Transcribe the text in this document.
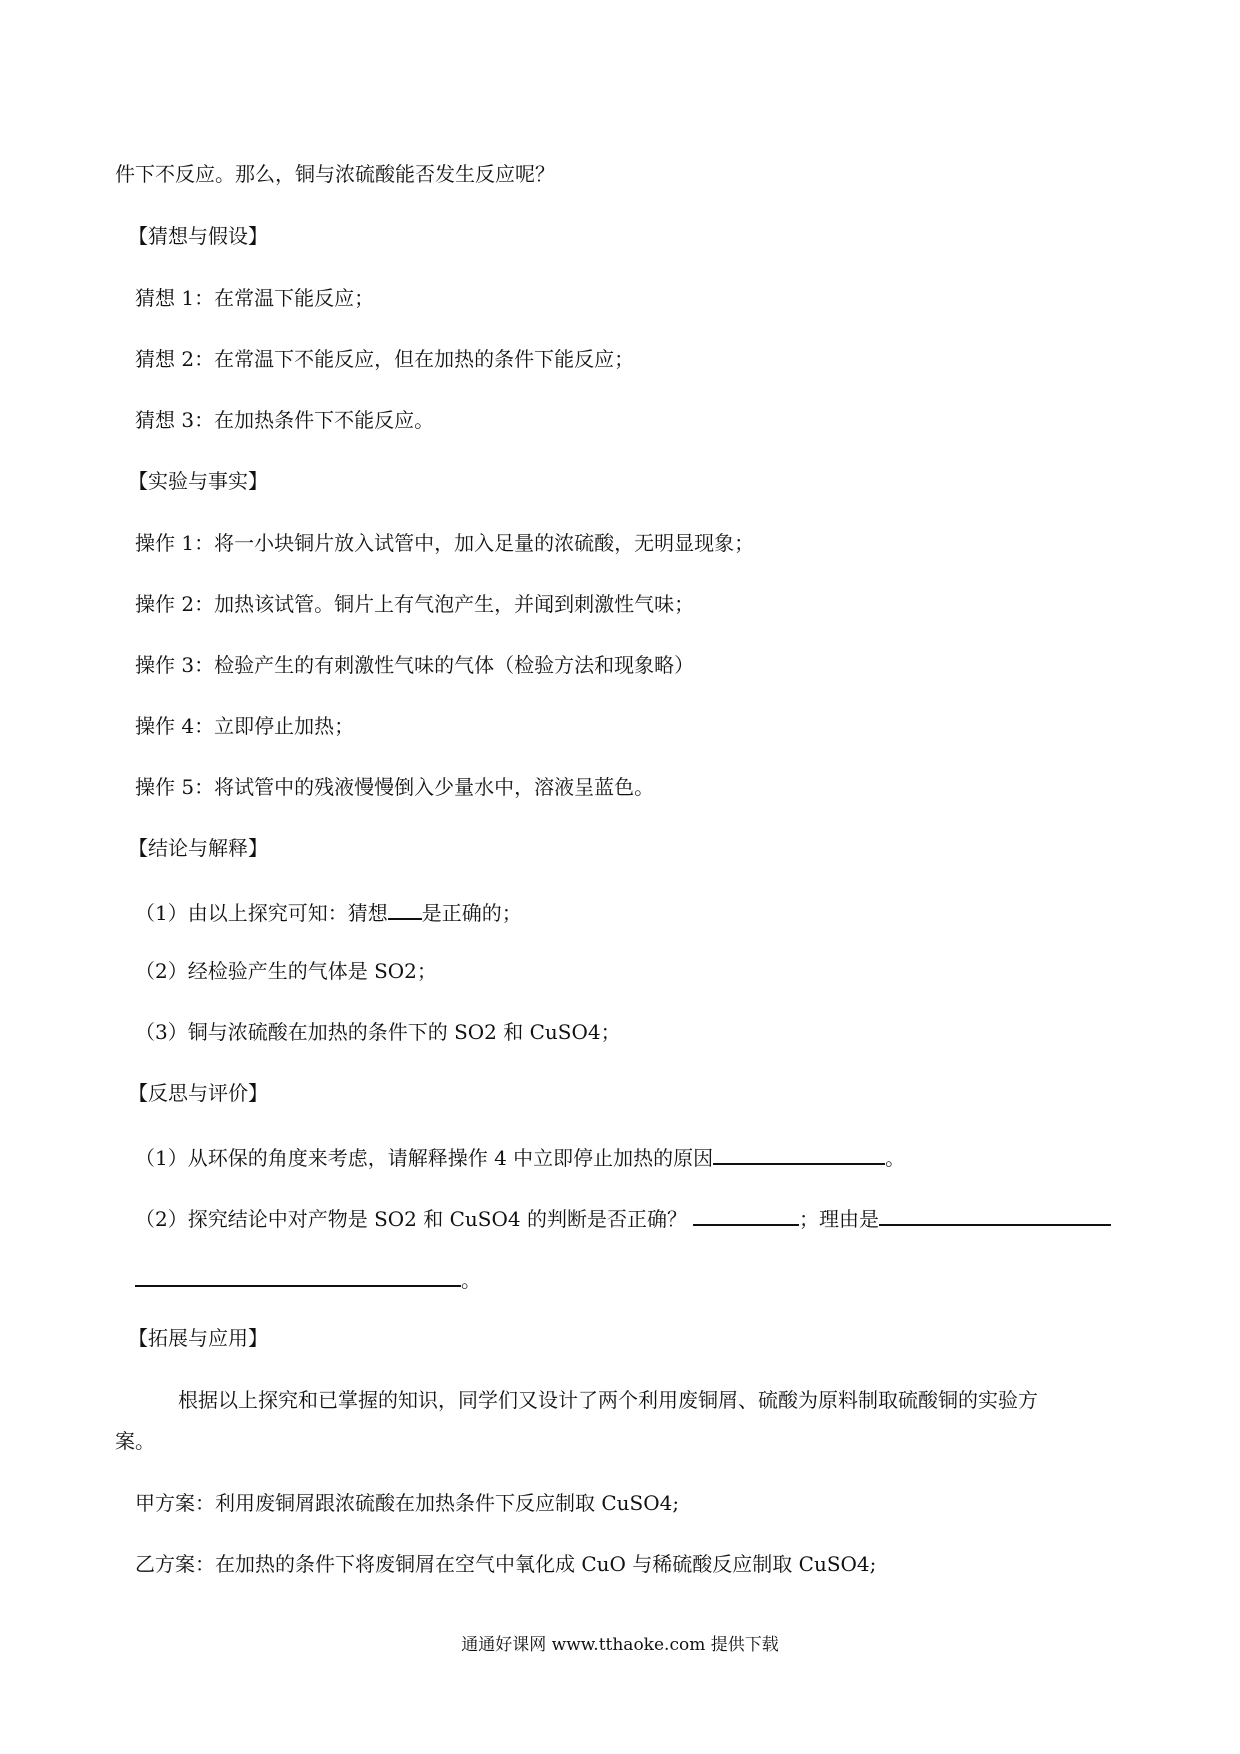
件下不反应。那么，铜与浓硫酸能否发生反应呢？
【猜想与假设】
猜想 1：在常温下能反应；
猜想 2：在常温下不能反应，但在加热的条件下能反应；
猜想 3：在加热条件下不能反应。
【实验与事实】
操作 1：将一小块铜片放入试管中，加入足量的浓硫酸，无明显现象；
操作 2：加热该试管。铜片上有气泡产生，并闻到刺激性气味；
操作 3：检验产生的有刺激性气味的气体（检验方法和现象略）
操作 4：立即停止加热；
操作 5：将试管中的残液慢慢倒入少量水中，溶液呈蓝色。
【结论与解释】
（1）由以上探究可知：猜想 是正确的；
（2）经检验产生的气体是 SO2；
（3）铜与浓硫酸在加热的条件下的 SO2 和 CuSO4；
【反思与评价】
（1）从环保的角度来考虑，请解释操作 4 中立即停止加热的原因	。
（2）探究结论中对产物是 SO2 和 CuSO4 的判断是否正确？	；理由是
。
【拓展与应用】
根据以上探究和已掌握的知识，同学们又设计了两个利用废铜屑、硫酸为原料制取硫酸铜的实验方
案。
甲方案：利用废铜屑跟浓硫酸在加热条件下反应制取 CuSO4;
乙方案：在加热的条件下将废铜屑在空气中氧化成 CuO 与稀硫酸反应制取 CuSO4;
通通好课网 www.tthaoke.com 提供下载
